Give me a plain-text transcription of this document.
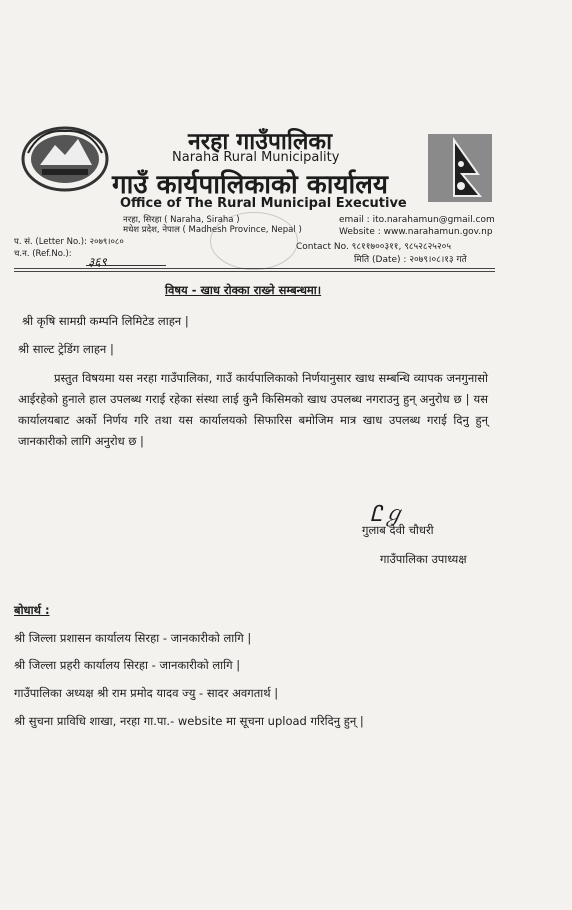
नरहा गाउँपालिका
Naraha Rural Municipality
गाउँ कार्यपालिकाको कार्यालय
Office of The Rural Municipal Executive
नरहा, सिरहा ( Naraha, Siraha )
मधेश प्रदेश, नेपाल ( Madhesh Province, Nepal )
email : ito.narahamun@gmail.com
Website : www.narahamun.gov.np
Contact No. ९८११७००३११, ९८५२८२५२०५
मिति (Date) : २०७९।०८।१३ गते
प. सं. (Letter No.): २०७९।०८०
च.न. (Ref.No.):
३६९
विषय - खाध रोक्का राख्ने सम्बन्धमा।
श्री कृषि सामग्री कम्पनि लिमिटेड लाहन |
श्री साल्ट ट्रेडिंग लाहन |
प्रस्तुत विषयमा यस नरहा गाउँपालिका, गाउँ कार्यपालिकाको निर्णयानुसार खाध सम्बन्धि व्यापक जनगुनासो आईरहेको हुनाले हाल उपलब्ध गराई रहेका संस्था लाई कुनै किसिमको खाध उपलब्ध नगराउनु हुन् अनुरोध छ | यस कार्यालयबाट अर्को निर्णय गरि तथा यस कार्यालयको सिफारिस बमोजिम मात्र खाध उपलब्ध गराई दिनु हुन् जानकारीको लागि अनुरोध छ |
Ꮭℊ
गुलाब देवी चौधरी
गाउँपालिका उपाध्यक्ष
बोधार्थ :
श्री जिल्ला प्रशासन कार्यालय सिरहा - जानकारीको लागि |
श्री जिल्ला प्रहरी कार्यालय सिरहा - जानकारीको लागि |
गाउँपालिका अध्यक्ष श्री राम प्रमोद यादव ज्यु - सादर अवगतार्थ |
श्री सुचना प्राविधि शाखा, नरहा गा.पा.- website मा सूचना upload गरिदिनु हुन् |
